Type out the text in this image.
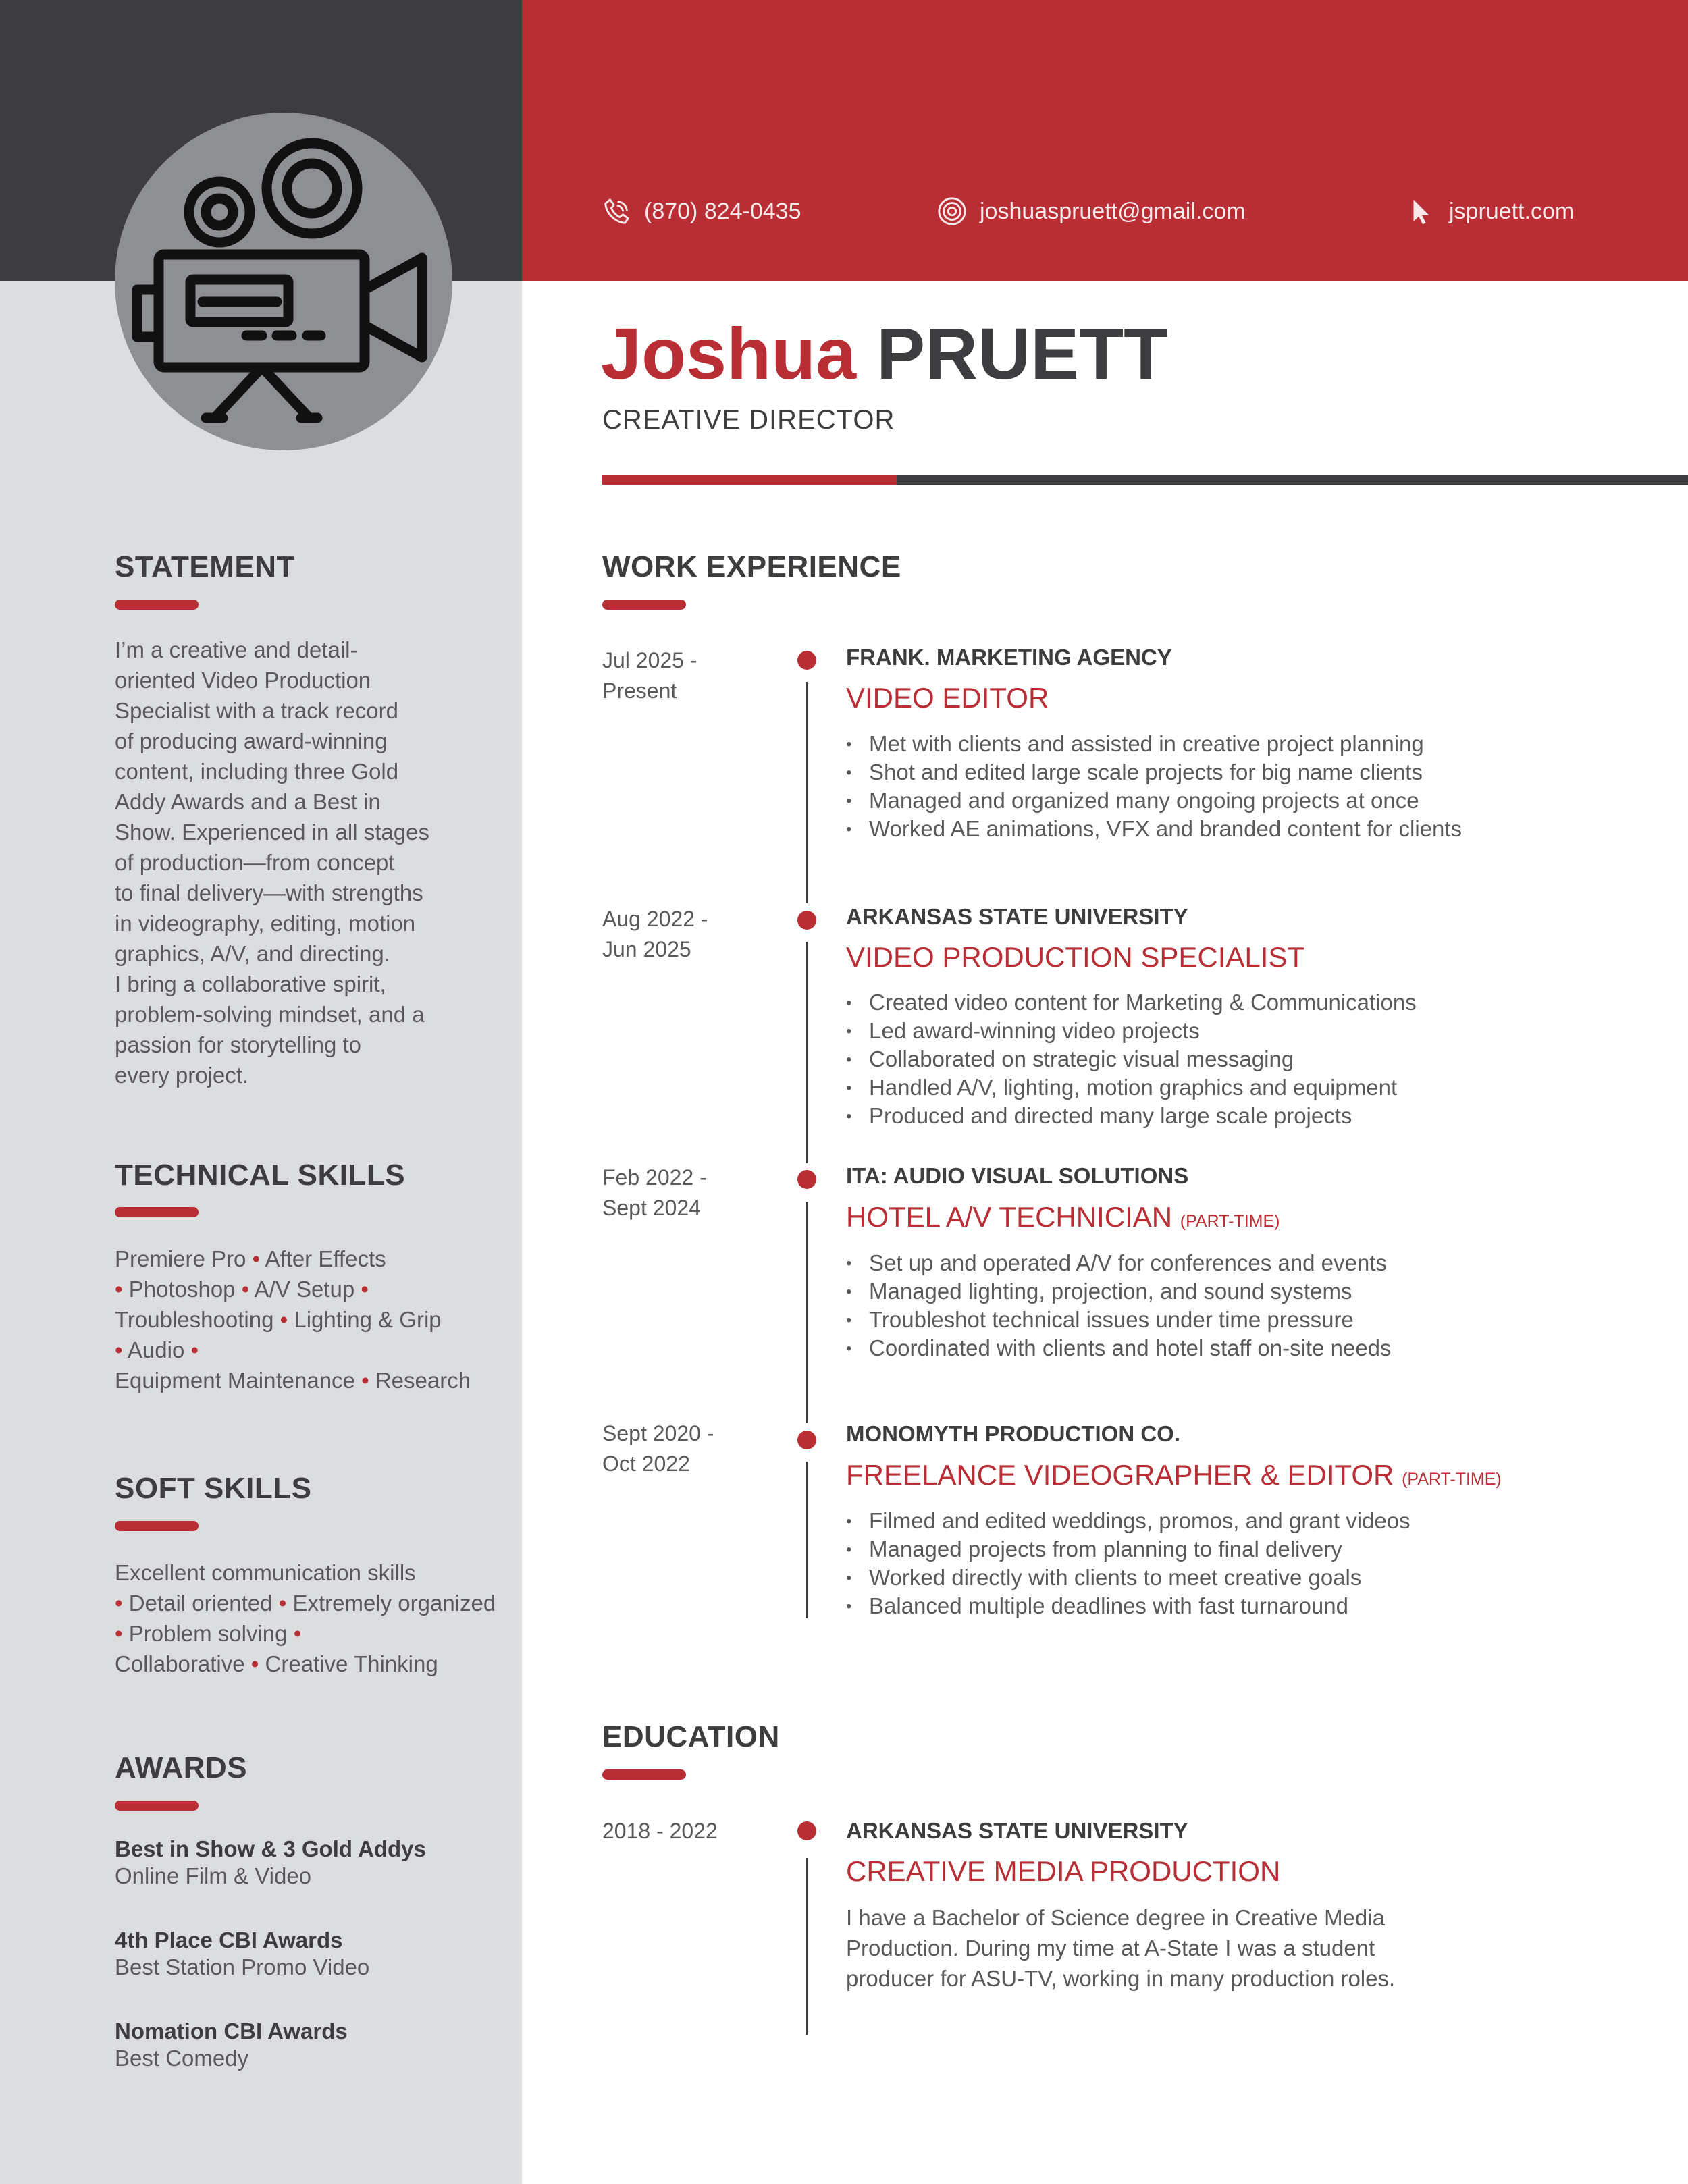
(870) 824-0435	joshuaspruett@gmail.com	jspruett.com
Joshua PRUETT
CREATIVE DIRECTOR
STATEMENT
I’m a creative and detail-
oriented Video Production
Specialist with a track record
of producing award-winning
content, including three Gold
Addy Awards and a Best in
Show. Experienced in all stages
of production—from concept
to final delivery—with strengths
in videography, editing, motion
graphics, A/V, and directing.
I bring a collaborative spirit,
problem-solving mindset, and a
passion for storytelling to
every project.
TECHNICAL SKILLS
Premiere Pro • After Effects
• Photoshop • A/V Setup •
Troubleshooting • Lighting & Grip
• Audio •
Equipment Maintenance • Research
SOFT SKILLS
Excellent communication skills
• Detail oriented • Extremely organized
• Problem solving •
Collaborative • Creative Thinking
AWARDS
Best in Show & 3 Gold Addys
Online Film & Video
4th Place CBI Awards
Best Station Promo Video
Nomation CBI Awards
Best Comedy
WORK EXPERIENCE
Jul 2025 -
Present
FRANK. MARKETING AGENCY
VIDEO EDITOR
• Met with clients and assisted in creative project planning
• Shot and edited large scale projects for big name clients
• Managed and organized many ongoing projects at once
• Worked AE animations, VFX and branded content for clients
Aug 2022 -
Jun 2025
ARKANSAS STATE UNIVERSITY
VIDEO PRODUCTION SPECIALIST
• Created video content for Marketing & Communications
• Led award-winning video projects
• Collaborated on strategic visual messaging
• Handled A/V, lighting, motion graphics and equipment
• Produced and directed many large scale projects
Feb 2022 -
Sept 2024
ITA: AUDIO VISUAL SOLUTIONS
HOTEL A/V TECHNICIAN (PART-TIME)
• Set up and operated A/V for conferences and events
• Managed lighting, projection, and sound systems
• Troubleshot technical issues under time pressure
• Coordinated with clients and hotel staff on-site needs
Sept 2020 -
Oct 2022
MONOMYTH PRODUCTION CO.
FREELANCE VIDEOGRAPHER & EDITOR (PART-TIME)
• Filmed and edited weddings, promos, and grant videos
• Managed projects from planning to final delivery
• Worked directly with clients to meet creative goals
• Balanced multiple deadlines with fast turnaround
EDUCATION
2018 - 2022	ARKANSAS STATE UNIVERSITY
CREATIVE MEDIA PRODUCTION
I have a Bachelor of Science degree in Creative Media
Production. During my time at A-State I was a student
producer for ASU-TV, working in many production roles.
